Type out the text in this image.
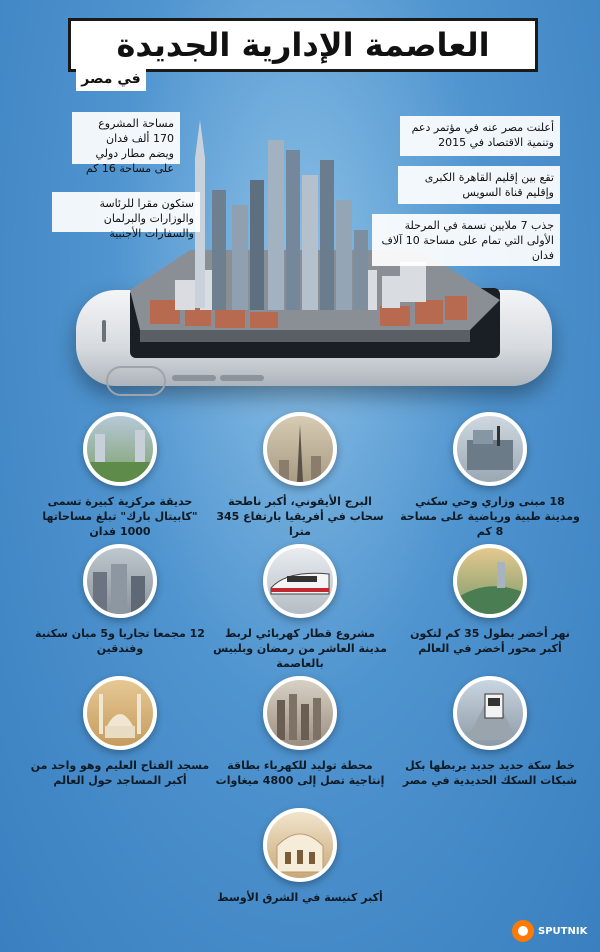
العاصمة الإدارية الجديدة
في مصر
مساحة المشروع 170 ألف فدان ويضم مطار دولي على مساحة 16 كم
ستكون مقرا للرئاسة والوزارات والبرلمان والسفارات الأجنبية
أعلنت مصر عنه في مؤتمر دعم وتنمية الاقتصاد في 2015
تقع بين إقليم القاهرة الكبرى وإقليم قناة السويس
جذب 7 ملايين نسمة في المرحلة الأولى التي تمام على مساحة 10 آلاف فدان
18 مبنى وزاري وحي سكني ومدينة طبية ورياضية على مساحة 8 كم
البرج الأيقوني، أكبر ناطحة سحاب في أفريقيا بارتفاع 345 مترا
حديقة مركزية كبيرة تسمى "كابيتال بارك" تبلغ مساحاتها 1000 فدان
نهر أخضر بطول 35 كم لتكون أكبر محور أخضر في العالم
مشروع قطار كهربائي لربط مدينة العاشر من رمضان وبلبيس بالعاصمة
12 مجمعا تجاريا و5 مبان سكنية وفندقين
خط سكة حديد جديد يربطها بكل شبكات السكك الحديدية في مصر
محطة توليد للكهرباء بطاقة إنتاجية تصل إلى 4800 ميغاوات
مسجد الفتاح العليم وهو واحد من أكبر المساجد حول العالم
أكبر كنيسة في الشرق الأوسط
SPUTNIK
